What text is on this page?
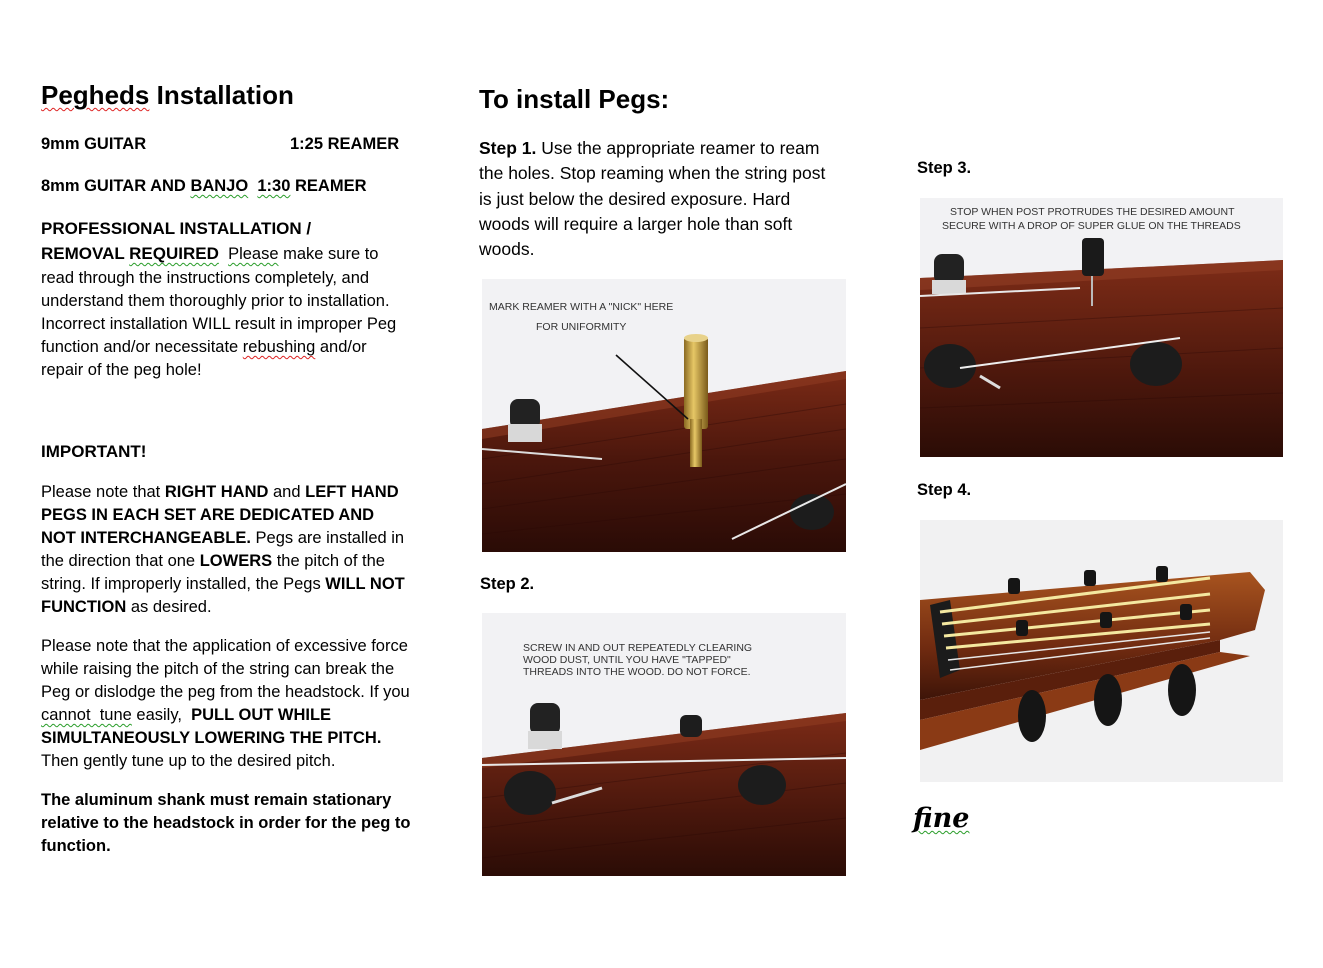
Pegheds Installation
9mm GUITAR	1:25 REAMER
8mm GUITAR AND BANJO 1:30 REAMER
PROFESSIONAL INSTALLATION /
REMOVAL REQUIRED Please make sure to
read through the instructions completely, and
understand them thoroughly prior to installation.
Incorrect installation WILL result in improper Peg
function and/or necessitate rebushing and/or
repair of the peg hole!
IMPORTANT!
Please note that RIGHT HAND and LEFT HAND
PEGS IN EACH SET ARE DEDICATED AND
NOT INTERCHANGEABLE. Pegs are installed in
the direction that one LOWERS the pitch of the
string. If improperly installed, the Pegs WILL NOT
FUNCTION as desired.
Please note that the application of excessive force
while raising the pitch of the string can break the
Peg or dislodge the peg from the headstock. If you
cannot  tune easily,  PULL OUT WHILE
SIMULTANEOUSLY LOWERING THE PITCH.
Then gently tune up to the desired pitch.
The aluminum shank must remain stationary
relative to the headstock in order for the peg to
function.
To install Pegs:
Step 1. Use the appropriate reamer to ream
the holes. Stop reaming when the string post
is just below the desired exposure. Hard
woods will require a larger hole than soft
woods.
MARK REAMER WITH A "NICK" HERE
FOR UNIFORMITY
Step 2.
SCREW IN AND OUT REPEATEDLY CLEARING
WOOD DUST, UNTIL YOU HAVE "TAPPED"
THREADS INTO THE WOOD. DO NOT FORCE.
Step 3.
STOP WHEN POST PROTRUDES THE DESIRED AMOUNT
SECURE WITH A DROP OF SUPER GLUE ON THE THREADS
Step 4.
fine
